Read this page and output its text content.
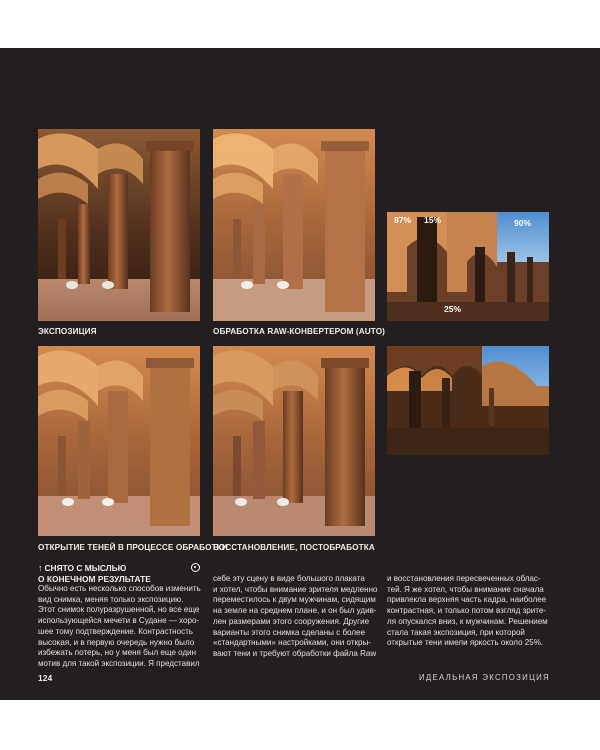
87% 15%	90%
25%
ЭКСПОЗИЦИЯ	ОБРАБОТКА RAW-КОНВЕРТЕРОМ (AUTO)
ОТКРЫТИЕ ТЕНЕЙ В ПРОЦЕССЕ ОБРАБОТКИ
ВОССТАНОВЛЕНИЕ, ПОСТОБРАБОТКА
↑ СНЯТО С МЫСЛЬЮ
О КОНЕЧНОМ РЕЗУЛЬТАТЕ
Обычно есть несколько способов изменить
вид снимка, меняя только экспозицию.
Этот снимок полуразрушенной, но все еще
использующейся мечети в Судане — хоро-
шее тому подтверждение. Контрастность
высокая, и в первую очередь нужно было
избежать потерь, но у меня был еще один
мотив для такой экспозиции. Я представил
себе эту сцену в виде большого плаката
и хотел, чтобы внимание зрителя медленно
переместилось к двум мужчинам, сидящим
на земле на среднем плане, и он был удив-
лен размерами этого сооружения. Другие
варианты этого снимка сделаны с более
«стандартными» настройками, они откры-
вают тени и требуют обработки файла Raw
и восстановления пересвеченных облас-
тей. Я же хотел, чтобы внимание сначала
привлекла верхняя часть кадра, наиболее
контрастная, и только потом взгляд зрите-
ля опускался вниз, к мужчинам. Решением
стала такая экспозиция, при которой
открытые тени имели яркость около 25%.
124	ИДЕАЛЬНАЯ ЭКСПОЗИЦИЯ
